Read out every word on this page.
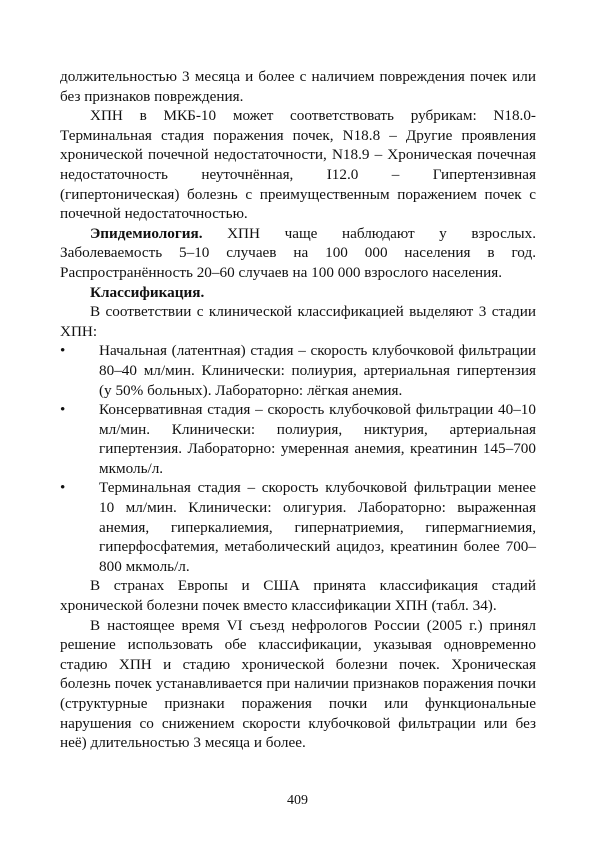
должительностью 3 месяца и более с наличием повреждения почек или без признаков повреждения.

ХПН в МКБ-10 может соответствовать рубрикам: N18.0- Терминальная стадия поражения почек, N18.8 – Другие проявления хронической почечной недостаточности, N18.9 – Хроническая почечная недостаточность неуточнённая, I12.0 – Гипертензивная (гипертоническая) болезнь с преимущественным поражением почек с почечной недостаточностью.

Эпидемиология. ХПН чаще наблюдают у взрослых. Заболеваемость 5–10 случаев на 100 000 населения в год. Распространённость 20–60 случаев на 100 000 взрослого населения.

Классификация.

В соответствии с клинической классификацией выделяют 3 стадии ХПН:

• Начальная (латентная) стадия – скорость клубочковой фильтрации 80–40 мл/мин. Клинически: полиурия, артериальная гипертензия (у 50% больных). Лабораторно: лёгкая анемия.
• Консервативная стадия – скорость клубочковой фильтрации 40–10 мл/мин. Клинически: полиурия, никтурия, артериальная гипертензия. Лабораторно: умеренная анемия, креатинин 145–700 мкмоль/л.
• Терминальная стадия – скорость клубочковой фильтрации менее 10 мл/мин. Клинически: олигурия. Лабораторно: выраженная анемия, гиперкалиемия, гипернатриемия, гипермагниемия, гиперфосфатемия, метаболический ацидоз, креатинин более 700–800 мкмоль/л.

В странах Европы и США принята классификация стадий хронической болезни почек вместо классификации ХПН (табл. 34).

В настоящее время VI съезд нефрологов России (2005 г.) принял решение использовать обе классификации, указывая одновременно стадию ХПН и стадию хронической болезни почек. Хроническая болезнь почек устанавливается при наличии признаков поражения почки (структурные признаки поражения почки или функциональные нарушения со снижением скорости клубочковой фильтрации или без неё) длительностью 3 месяца и более.

409
